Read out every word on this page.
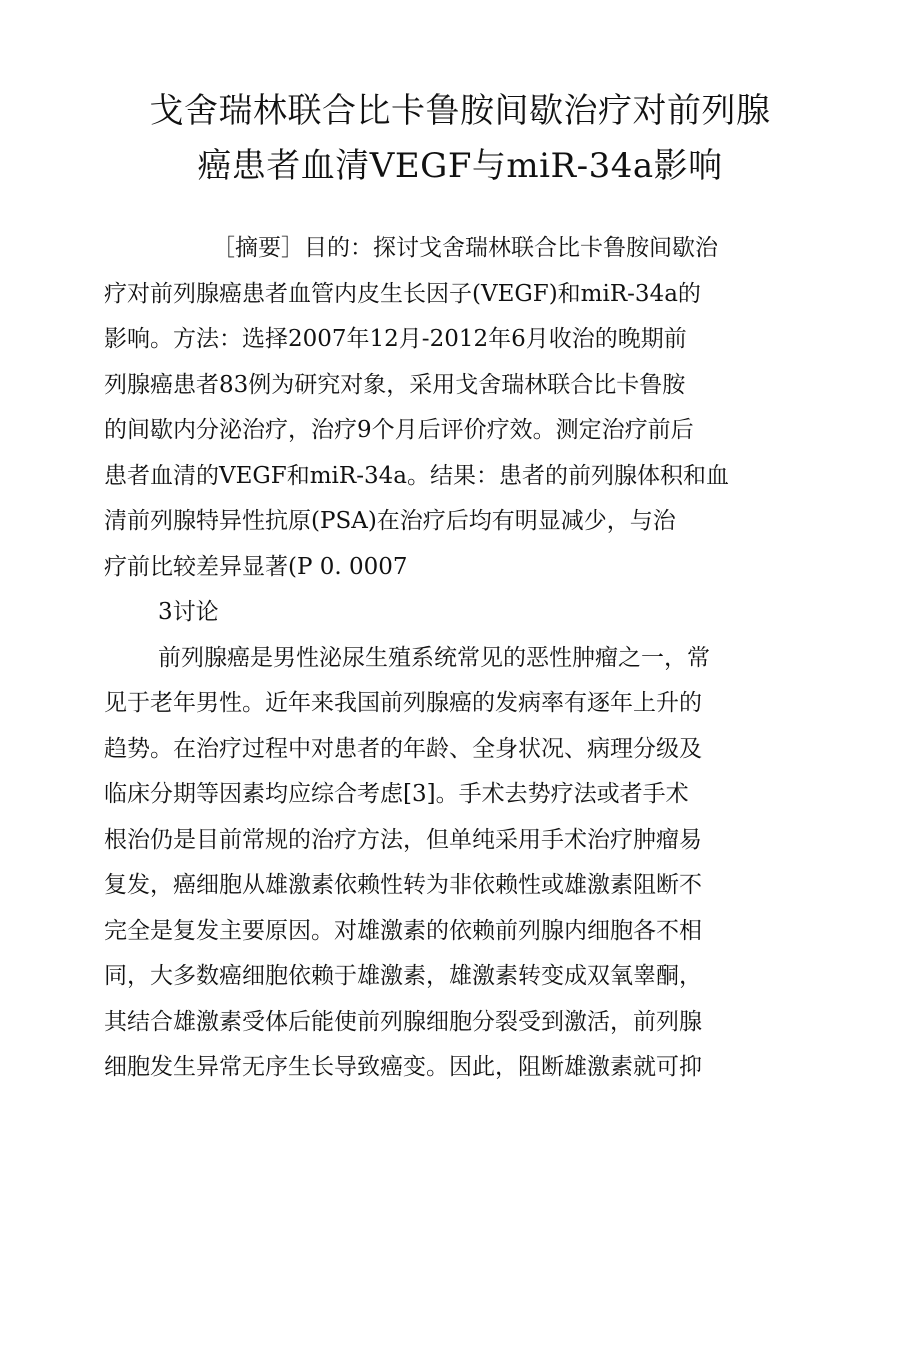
戈舍瑞林联合比卡鲁胺间歇治疗对前列腺
癌患者血清VEGF与miR-34a影响
［摘要］目的：探讨戈舍瑞林联合比卡鲁胺间歇治
疗对前列腺癌患者血管内皮生长因子(VEGF)和miR-34a的
影响。方法：选择2007年12月-2012年6月收治的晚期前
列腺癌患者83例为研究对象，采用戈舍瑞林联合比卡鲁胺
的间歇内分泌治疗，治疗9个月后评价疗效。测定治疗前后
患者血清的VEGF和miR-34a。结果：患者的前列腺体积和血
清前列腺特异性抗原(PSA)在治疗后均有明显减少，与治
疗前比较差异显著(P 0. 0007
3讨论
前列腺癌是男性泌尿生殖系统常见的恶性肿瘤之一，常
见于老年男性。近年来我国前列腺癌的发病率有逐年上升的
趋势。在治疗过程中对患者的年龄、全身状况、病理分级及
临床分期等因素均应综合考虑[3]。手术去势疗法或者手术
根治仍是目前常规的治疗方法，但单纯采用手术治疗肿瘤易
复发，癌细胞从雄激素依赖性转为非依赖性或雄激素阻断不
完全是复发主要原因。对雄激素的依赖前列腺内细胞各不相
同，大多数癌细胞依赖于雄激素，雄激素转变成双氧睾酮，
其结合雄激素受体后能使前列腺细胞分裂受到激活，前列腺
细胞发生异常无序生长导致癌变。因此，阻断雄激素就可抑
